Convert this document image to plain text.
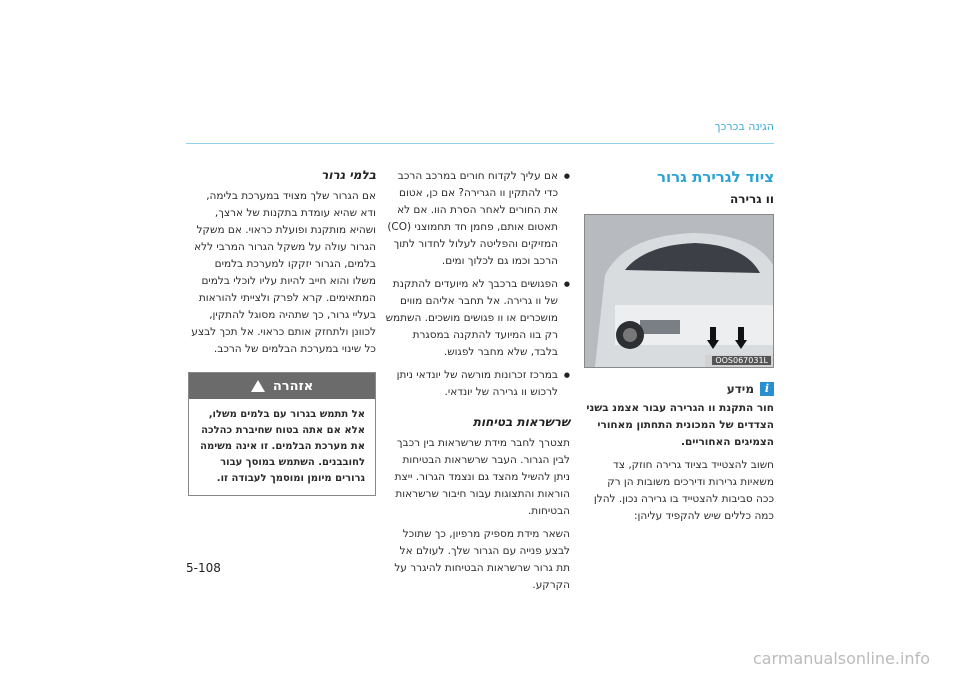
הגינה בכרכך
ציוד לגרירת גרור
וו גרירה
OOS067031L
i
מידע

חור התקנת וו הגרירה עבור אצמנ בשני הצדדים של המכונית התחתון מאחורי הצמיגים האחוריים.

חשוב להצטייד בציוד גרירה חוזק, צד משאיות גרירות ודירכים משובות הן רק ככה סביבות להצטייד בו גרירה נכון. להלן כמה כללים שיש להקפיד עליהן:

● אם עליך לקדוח חורים במרכב הרכב כדי להתקין וו הגרירה? אם כן, אטום את החורים לאחר הסרת הוו. אם לא תאטום אותם, פחמן חד תחמוצני (CO) המזיקים והפליטה לעלול לחדור לתוך הרכב וכמו גם לכלוך ומים.

● הפגושים ברכבך לא מיועדים להתקנת של וו גרירה. אל תחבר אליהם מווים מושכרים או וו פגושים מושכים. השתמש רק בוו המיועד להתקנה במסגרת בלבד, שלא מחבר לפגוש.

● במרכז זכרונות מורשה של יונדאי ניתן לרכוש וו גרירה של יונדאי.

שרשראות בטיחות

תצטרך לחבר מידת שרשראות בין רכבך לבין הגרור. העבר שרשראות הבטיחות ניתן להשיל מהצד גם ונצמד הגרור. ייצת הוראות והתצוגות עבור חיבור שרשראות הבטיחות.

השאר מידת מספיק מרפיון, כך שתוכל לבצע פנייה עם הגרור שלך. לעולם אל תת גרור שרשראות הבטיחות להיגרר על הקרקע.

בלמי גרור

אם הגרור שלך מצויד במערכת בלימה, ודא שהיא עומדת בתקנות של ארצך, ושהיא מותקנת ופועלת כראוי. אם משקל הגרור עולה על משקל הגרור המרבי ללא בלמים, הגרור יזקקו למערכת בלמים משלו והוא חייב להיות עליו לוכלי בלמים המתאימים. קרא לפרק ולצייתי להוראות בעליי גרור, כך שתהיה מסוגל להתקין, לכוונן ולתחזק אותם כראוי. אל תכך לבצע כל שינוי במערכת הבלמים של הרכב.

אזהרה
אל תתמש בגרור עם בלמים משלו, אלא אם אתה בטוח שחיברת כהלכה את מערכת הבלמים. זו אינה משימה לחובבנים. השתמש במוסך עבור גרורים מיומן ומוסמך לעבודה זו.
5-108
carmanualsonline.info
